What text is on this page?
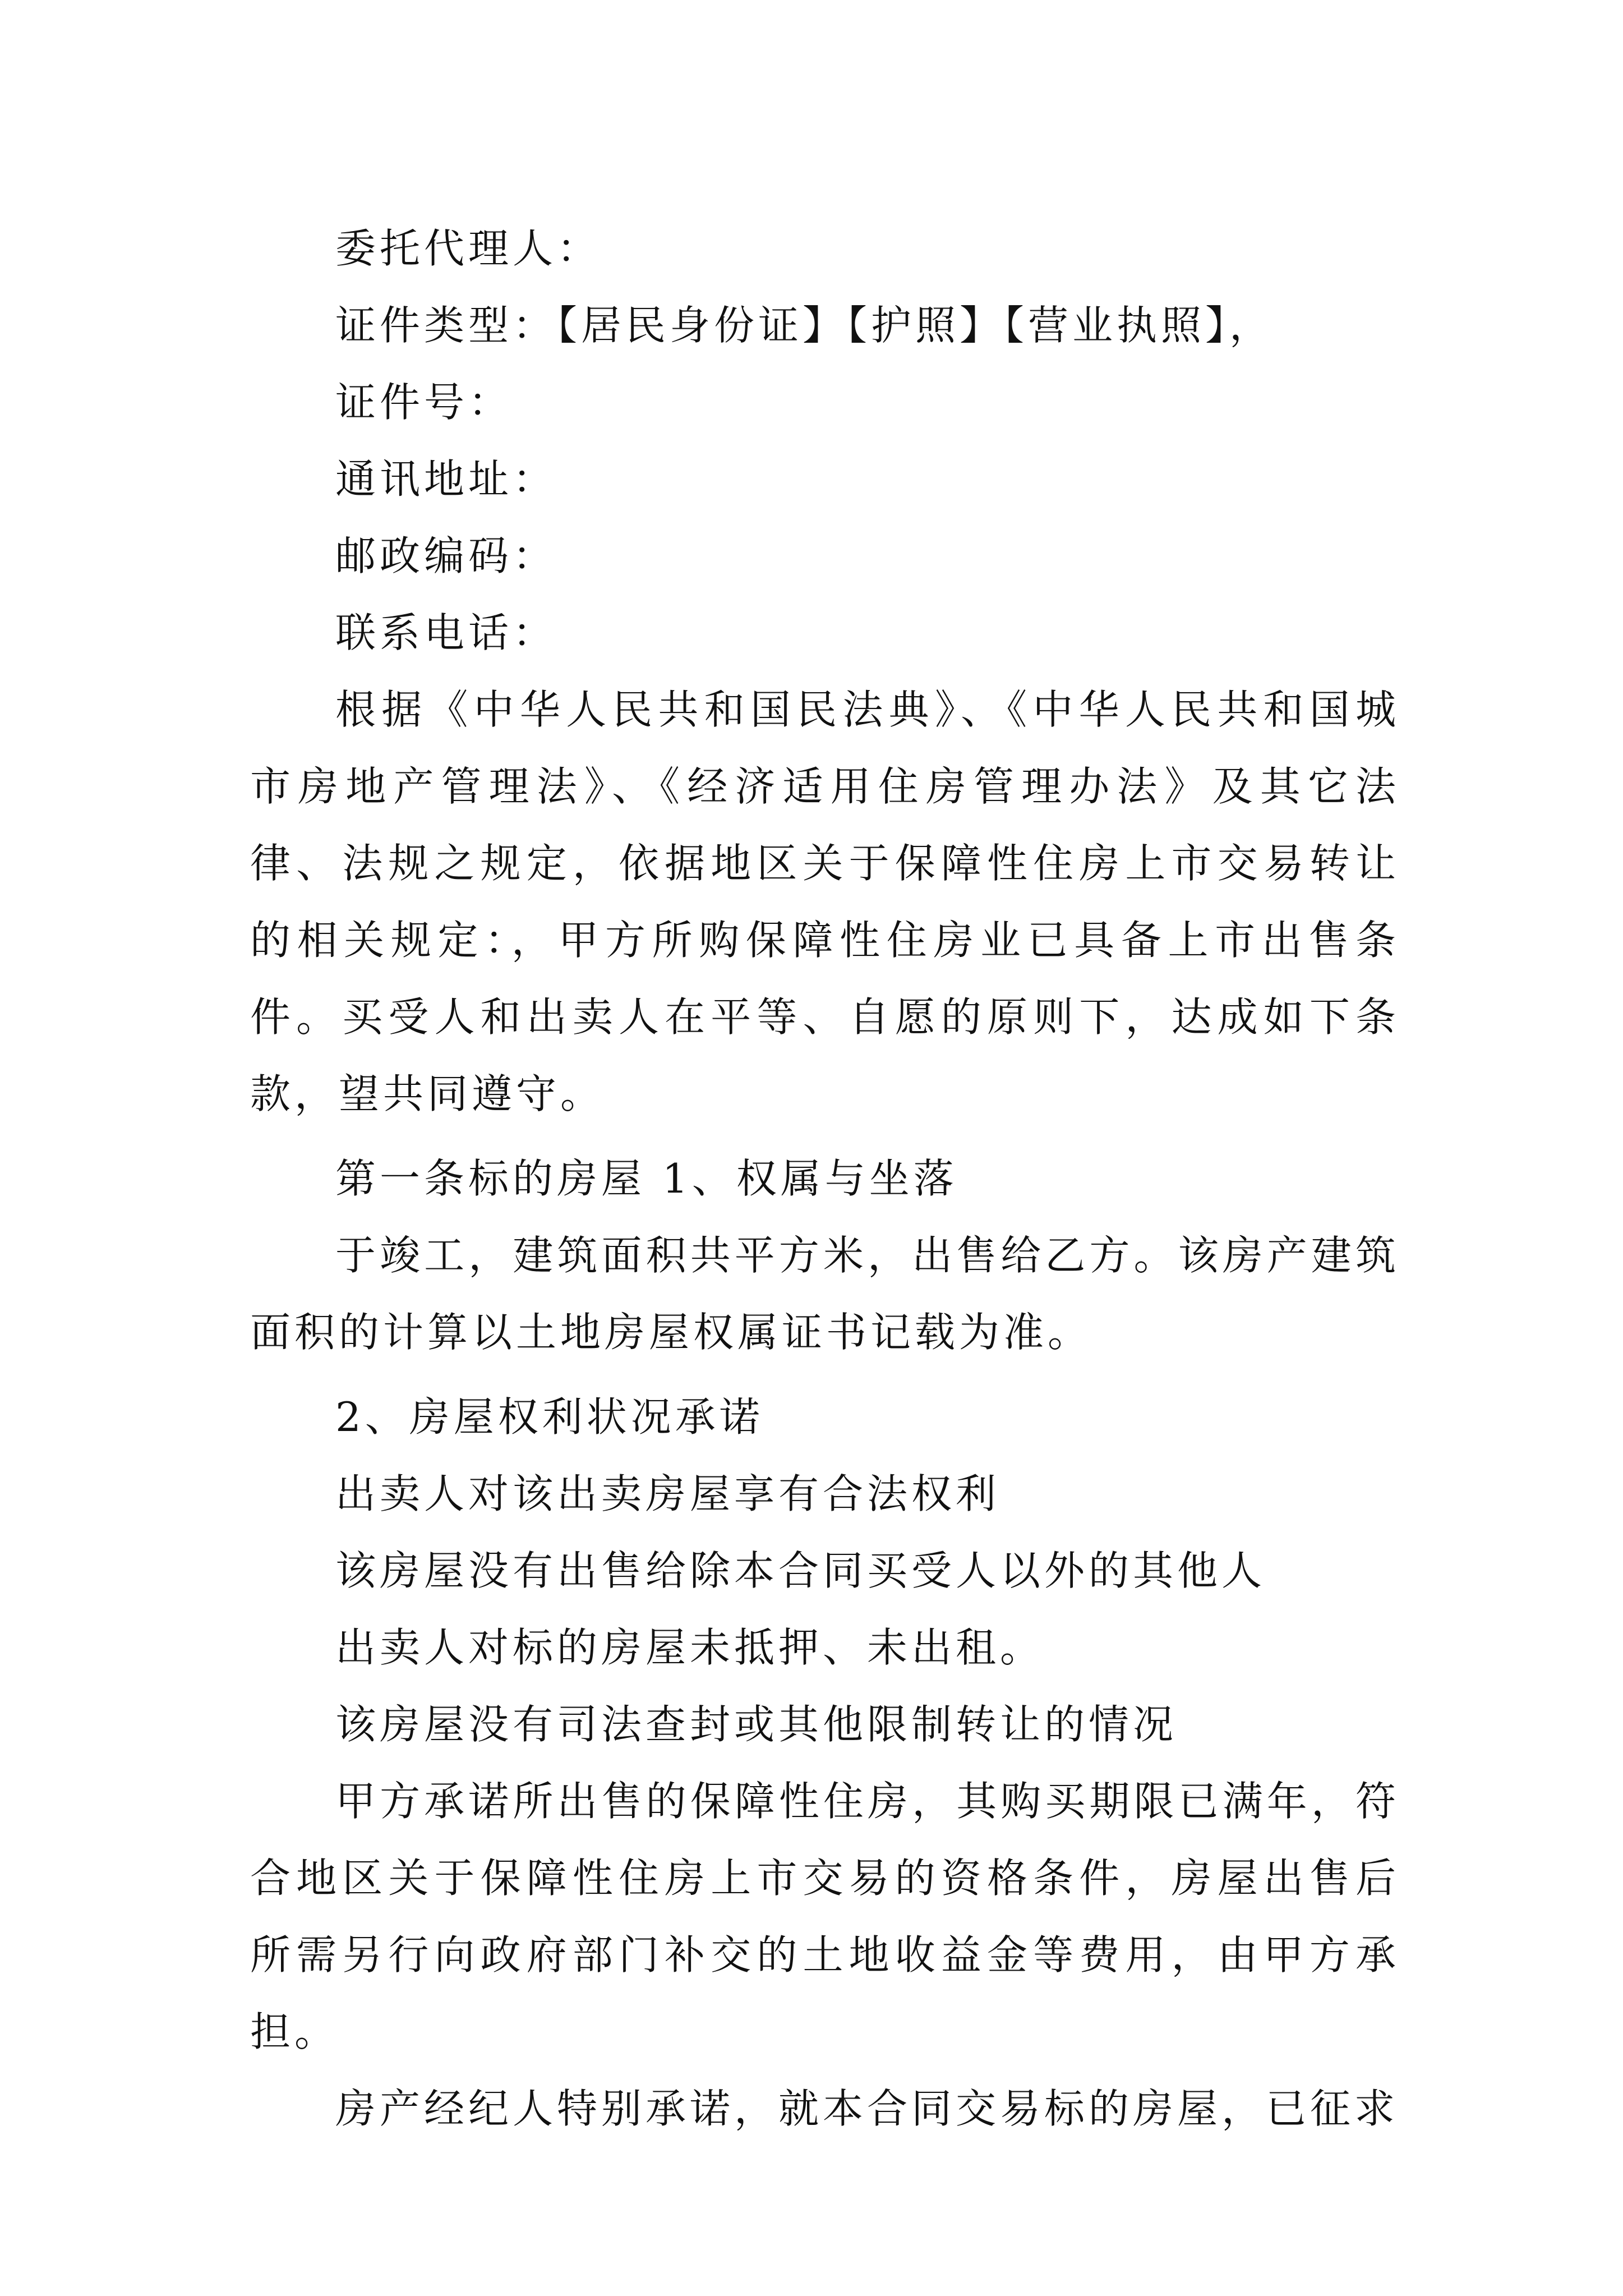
委托代理人：

证件类型：【居民身份证】【护照】【营业执照】，

证件号：

通讯地址：

邮政编码：

联系电话：

根据《中华人民共和国民法典》、《中华人民共和国城市房地产管理法》、《经济适用住房管理办法》及其它法律、法规之规定，依据地区关于保障性住房上市交易转让的相关规定：，甲方所购保障性住房业已具备上市出售条件。买受人和出卖人在平等、自愿的原则下，达成如下条款，望共同遵守。

第一条标的房屋 1、权属与坐落

于竣工，建筑面积共平方米，出售给乙方。该房产建筑面积的计算以土地房屋权属证书记载为准。

2、房屋权利状况承诺

出卖人对该出卖房屋享有合法权利

该房屋没有出售给除本合同买受人以外的其他人

出卖人对标的房屋未抵押、未出租。

该房屋没有司法查封或其他限制转让的情况

甲方承诺所出售的保障性住房，其购买期限已满年，符合地区关于保障性住房上市交易的资格条件，房屋出售后所需另行向政府部门补交的土地收益金等费用，由甲方承担。

房产经纪人特别承诺，就本合同交易标的房屋，已征求
